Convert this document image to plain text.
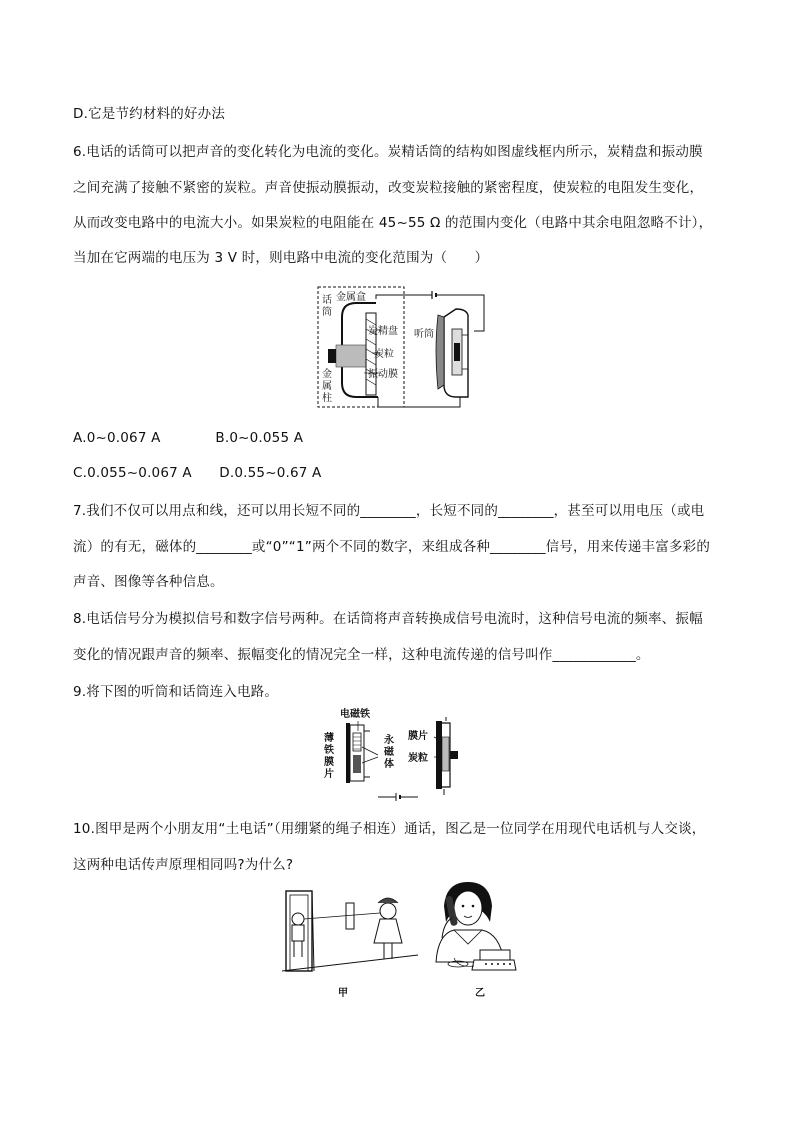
D.它是节约材料的好办法
6.电话的话筒可以把声音的变化转化为电流的变化。炭精话筒的结构如图虚线框内所示，炭精盘和振动膜
之间充满了接触不紧密的炭粒。声音使振动膜振动，改变炭粒接触的紧密程度，使炭粒的电阻发生变化，
从而改变电路中的电流大小。如果炭粒的电阻能在 45~55 Ω 的范围内变化（电路中其余电阻忽略不计），
当加在它两端的电压为 3 V 时，则电路中电流的变化范围为（　　）
话
筒
金属盒
炭精盘
炭粒
振动膜
金
属
柱
听筒
A.0~0.067 A　　　　B.0~0.055 A
C.0.055~0.067 A　　D.0.55~0.67 A
7.我们不仅可以用点和线，还可以用长短不同的________，长短不同的________，甚至可以用电压（或电
流）的有无，磁体的________或“0”“1”两个不同的数字，来组成各种________信号，用来传递丰富多彩的
声音、图像等各种信息。
8.电话信号分为模拟信号和数字信号两种。在话筒将声音转换成信号电流时，这种信号电流的频率、振幅
变化的情况跟声音的频率、振幅变化的情况完全一样，这种电流传递的信号叫作____________。
9.将下图的听筒和话筒连入电路。
电磁铁
薄
铁
膜
片
永
磁
体
膜片
炭粒
10.图甲是两个小朋友用“土电话”（用绷紧的绳子相连）通话，图乙是一位同学在用现代电话机与人交谈，
这两种电话传声原理相同吗?为什么?
甲	乙
